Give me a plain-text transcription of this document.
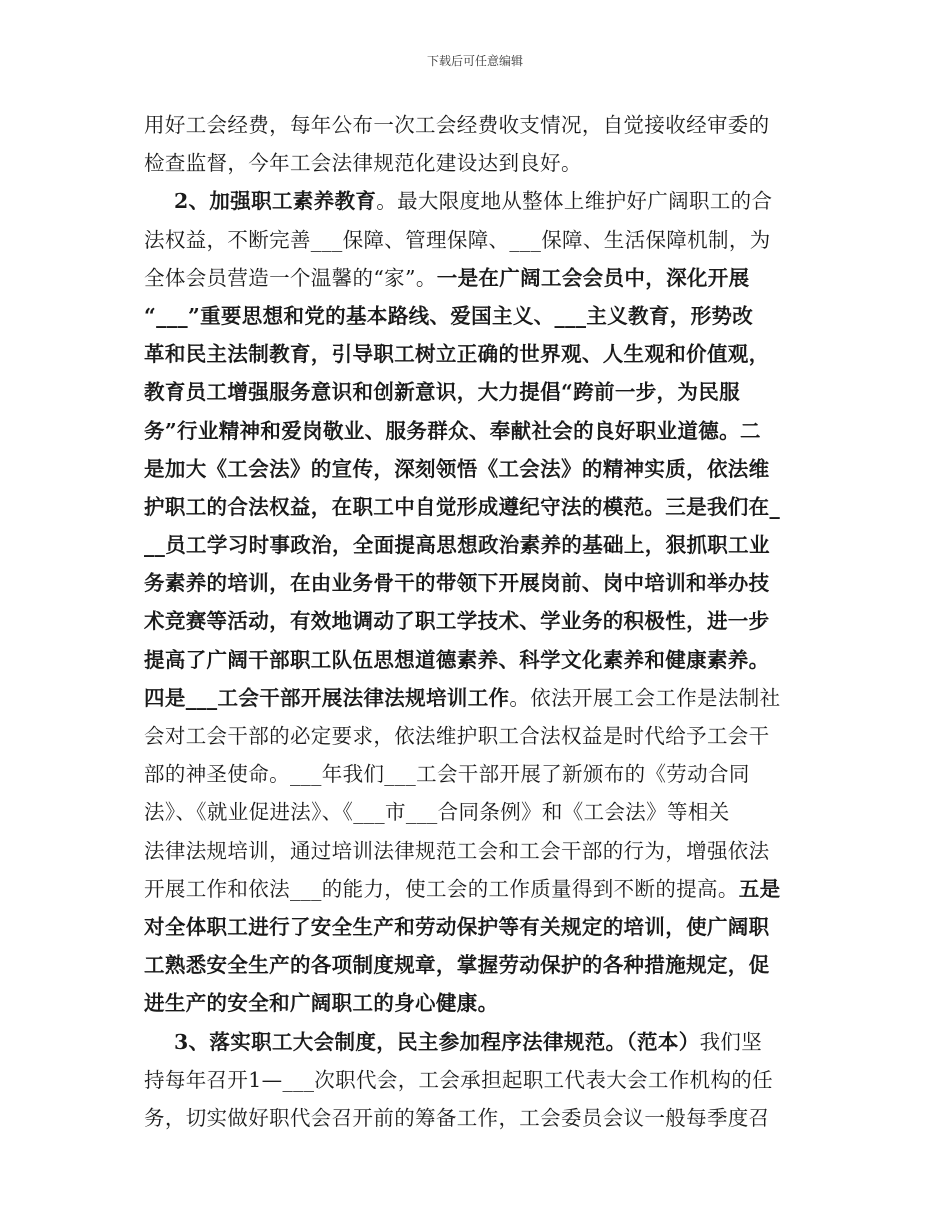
下载后可任意编辑
用好工会经费，每年公布一次工会经费收支情况，自觉接收经审委的
检查监督，今年工会法律规范化建设达到良好。
2、加强职工素养教育。最大限度地从整体上维护好广阔职工的合
法权益，不断完善___保障、管理保障、___保障、生活保障机制，为
全体会员营造一个温馨的“家”。一是在广阔工会会员中，深化开展
“___”重要思想和党的基本路线、爱国主义、___主义教育，形势改
革和民主法制教育，引导职工树立正确的世界观、人生观和价值观，
教育员工增强服务意识和创新意识，大力提倡“跨前一步，为民服
务”行业精神和爱岗敬业、服务群众、奉献社会的良好职业道德。二
是加大《工会法》的宣传，深刻领悟《工会法》的精神实质，依法维
护职工的合法权益，在职工中自觉形成遵纪守法的模范。三是我们在_
__员工学习时事政治，全面提高思想政治素养的基础上，狠抓职工业
务素养的培训，在由业务骨干的带领下开展岗前、岗中培训和举办技
术竞赛等活动，有效地调动了职工学技术、学业务的积极性，进一步
提高了广阔干部职工队伍思想道德素养、科学文化素养和健康素养。
四是___工会干部开展法律法规培训工作。依法开展工会工作是法制社
会对工会干部的必定要求，依法维护职工合法权益是时代给予工会干
部的神圣使命。___年我们___工会干部开展了新颁布的《劳动合同
法》、《就业促进法》、《___市___合同条例》和《工会法》等相关
法律法规培训，通过培训法律规范工会和工会干部的行为，增强依法
开展工作和依法___的能力，使工会的工作质量得到不断的提高。五是
对全体职工进行了安全生产和劳动保护等有关规定的培训，使广阔职
工熟悉安全生产的各项制度规章，掌握劳动保护的各种措施规定，促
进生产的安全和广阔职工的身心健康。
3、落实职工大会制度，民主参加程序法律规范。（范本）我们坚
持每年召开1—___次职代会，工会承担起职工代表大会工作机构的任
务，切实做好职代会召开前的筹备工作，工会委员会议一般每季度召
